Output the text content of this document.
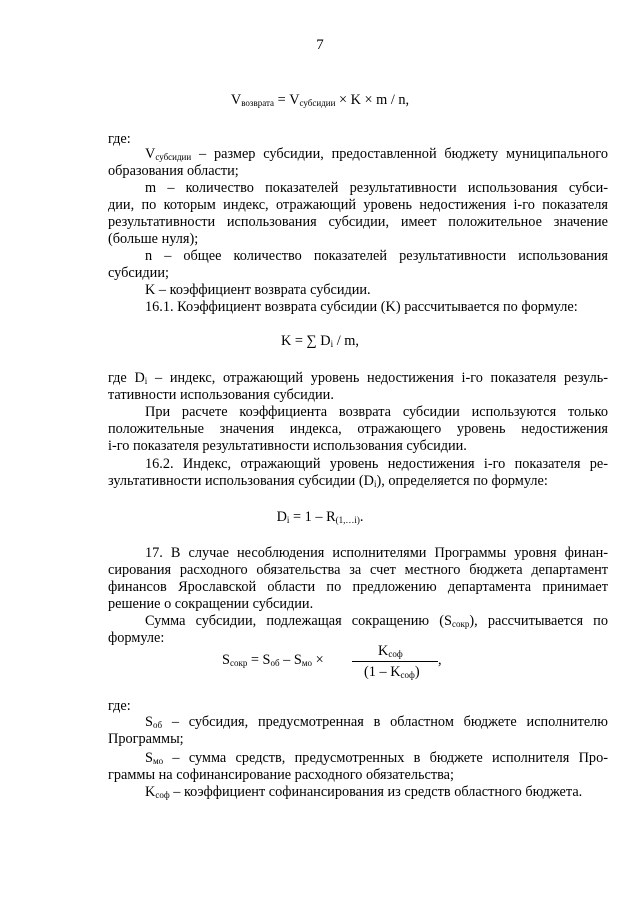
7
$V_{возврата} = V_{субсидии} \times K \times m / n$,
где:
$V_{субсидии}$ – размер субсидии, предоставленной бюджету муниципального
образования области;
m – количество показателей результативности использования субси-
дии, по которым индекс, отражающий уровень недостижения i-го показателя
результативности использования субсидии, имеет положительное значение
(больше нуля);
n – общее количество показателей результативности использования
субсидии;
K – коэффициент возврата субсидии.
16.1. Коэффициент возврата субсидии (K) рассчитывается по формуле:
K = ∑ $D_i$ / m,
где $D_i$ – индекс, отражающий уровень недостижения i-го показателя резуль-
тативности использования субсидии.
При расчете коэффициента возврата субсидии используются только
положительные значения индекса, отражающего уровень недостижения
i-го показателя результативности использования субсидии.
16.2. Индекс, отражающий уровень недостижения i-го показателя ре-
зультативности использования субсидии $(D_i)$, определяется по формуле:
$D_i = 1 - R_{(1,\dots i)}$.
17. В случае несоблюдения исполнителями Программы уровня финан-
сирования расходного обязательства за счет местного бюджета департамент
финансов Ярославской области по предложению департамента принимает
решение о сокращении субсидии.
Сумма субсидии, подлежащая сокращению $(S_{сокр})$, рассчитывается по
формуле:
$S_{сокр} = S_{об} - S_{мо}$ ×
$K_{соф}$ ,
$(1 - K_{соф})$
где:
$S_{об}$ – субсидия, предусмотренная в областном бюджете исполнителю
Программы;
$S_{мо}$ – сумма средств, предусмотренных в бюджете исполнителя Про-
граммы на софинансирование расходного обязательства;
$K_{соф}$ – коэффициент софинансирования из средств областного бюджета.
